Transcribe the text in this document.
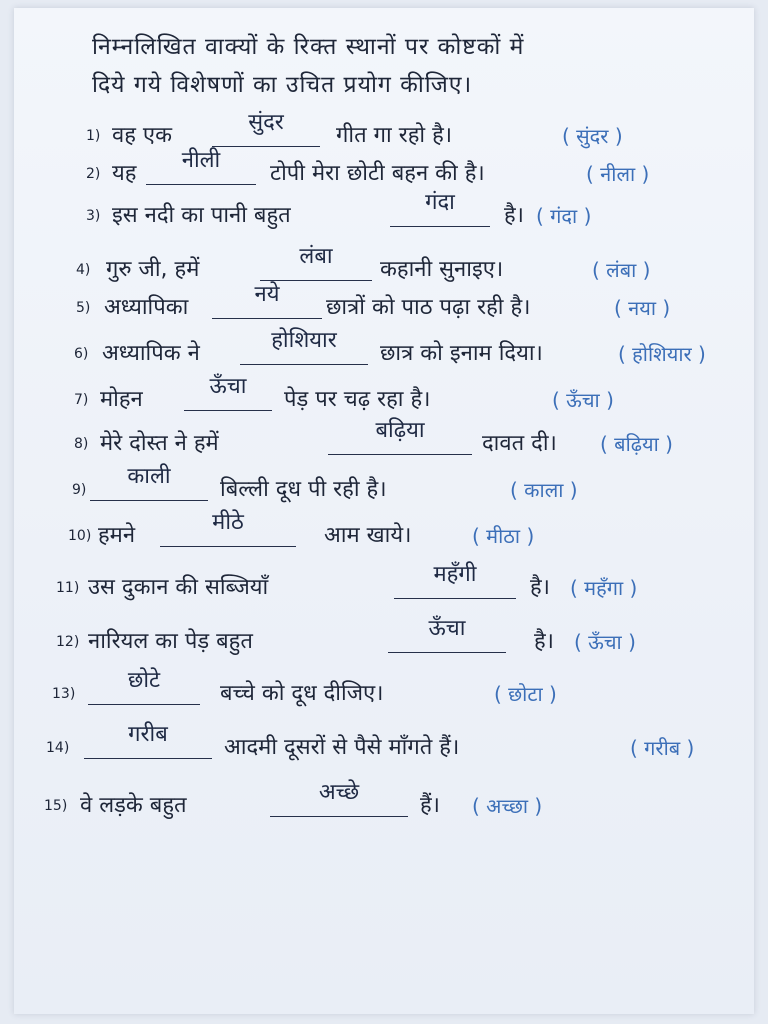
निम्नलिखित वाक्यों के रिक्त स्थानों पर कोष्टकों में
दिये गये विशेषणों का उचित प्रयोग कीजिए।
1) वह एक
सुंदर
गीत गा रहो है।	( सुंदर )
2) यह
नीली
टोपी मेरा छोटी बहन की है।	( नीला )
3) इस नदी का पानी बहुत
गंदा
है। ( गंदा )
4) गुरु जी, हमें
लंबा
कहानी सुनाइए।	( लंबा )
5) अध्यापिका
नये
छात्रों को पाठ पढ़ा रही है।	( नया )
6) अध्यापिक ने
होशियार
छात्र को इनाम दिया।	( होशियार )
7) मोहन
ऊँचा
पेड़ पर चढ़ रहा है।	( ऊँचा )
8) मेरे दोस्त ने हमें
बढ़िया
दावत दी। ( बढ़िया )
9)
काली
बिल्ली दूध पी रही है।	( काला )
10) हमने
मीठे
आम खाये।	( मीठा )
11) उस दुकान की सब्जियाँ
महँगी
है। ( महँगा )
12) नारियल का पेड़ बहुत
ऊँचा
है। ( ऊँचा )
13)
छोटे
बच्चे को दूध दीजिए।	( छोटा )
14)
गरीब
आदमी दूसरों से पैसे माँगते हैं।	( गरीब )
15) वे लड़के बहुत
अच्छे
हैं। ( अच्छा )
